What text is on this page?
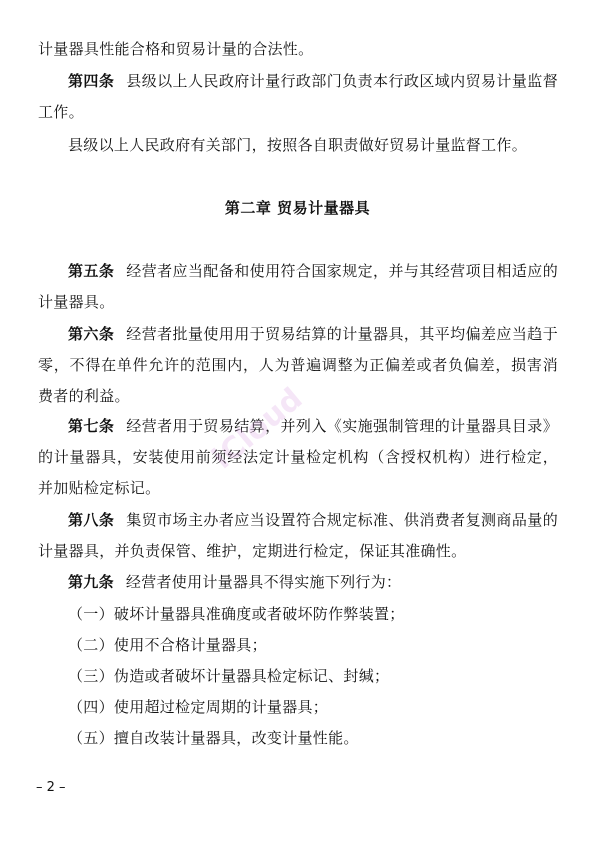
计量器具性能合格和贸易计量的合法性。

第四条 县级以上人民政府计量行政部门负责本行政区域内贸易计量监督工作。

县级以上人民政府有关部门，按照各自职责做好贸易计量监督工作。

第二章 贸易计量器具

第五条 经营者应当配备和使用符合国家规定，并与其经营项目相适应的计量器具。

第六条 经营者批量使用用于贸易结算的计量器具，其平均偏差应当趋于零，不得在单件允许的范围内，人为普遍调整为正偏差或者负偏差，损害消费者的利益。

第七条 经营者用于贸易结算，并列入《实施强制管理的计量器具目录》的计量器具，安装使用前须经法定计量检定机构（含授权机构）进行检定，并加贴检定标记。

第八条 集贸市场主办者应当设置符合规定标准、供消费者复测商品量的计量器具，并负责保管、维护，定期进行检定，保证其准确性。

第九条 经营者使用计量器具不得实施下列行为：

（一）破坏计量器具准确度或者破坏防作弊装置；
（二）使用不合格计量器具；
（三）伪造或者破坏计量器具检定标记、封缄；
（四）使用超过检定周期的计量器具；
（五）擅自改装计量器具，改变计量性能。
iCloud
– 2 –
